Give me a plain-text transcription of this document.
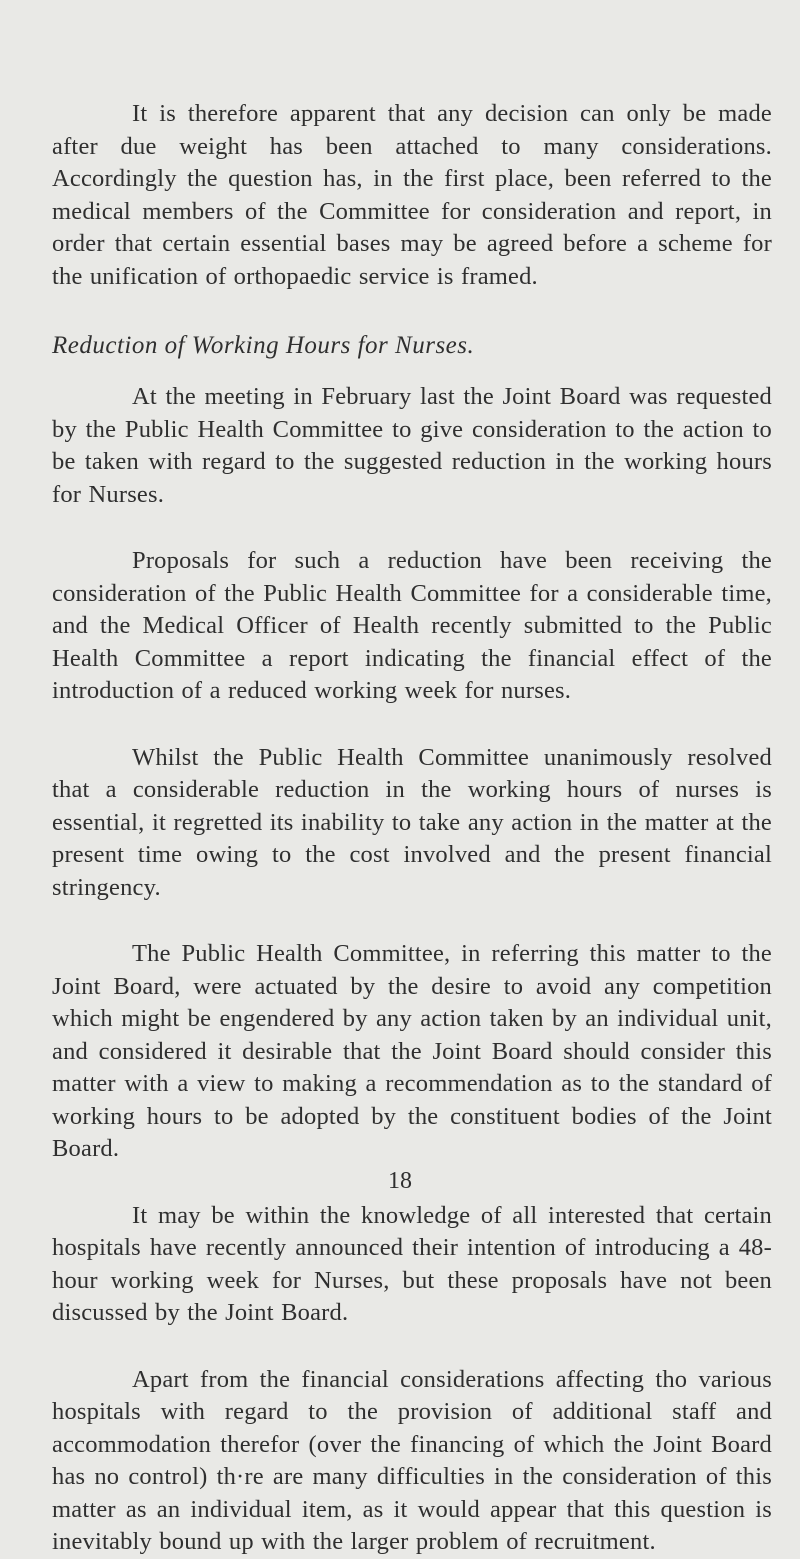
It is therefore apparent that any decision can only be made after due weight has been attached to many considerations. Accordingly the question has, in the first place, been referred to the medical members of the Committee for consideration and report, in order that certain essential bases may be agreed before a scheme for the unification of orthopaedic service is framed.

Reduction of Working Hours for Nurses.

At the meeting in February last the Joint Board was requested by the Public Health Committee to give consideration to the action to be taken with regard to the suggested reduction in the working hours for Nurses.

Proposals for such a reduction have been receiving the consideration of the Public Health Committee for a considerable time, and the Medical Officer of Health recently submitted to the Public Health Committee a report indicating the financial effect of the introduction of a reduced working week for nurses.

Whilst the Public Health Committee unanimously resolved that a considerable reduction in the working hours of nurses is essential, it regretted its inability to take any action in the matter at the present time owing to the cost involved and the present financial stringency.

The Public Health Committee, in referring this matter to the Joint Board, were actuated by the desire to avoid any competition which might be engendered by any action taken by an individual unit, and considered it desirable that the Joint Board should consider this matter with a view to making a recommendation as to the standard of working hours to be adopted by the constituent bodies of the Joint Board.

It may be within the knowledge of all interested that certain hospitals have recently announced their intention of introducing a 48-hour working week for Nurses, but these proposals have not been discussed by the Joint Board.

Apart from the financial considerations affecting tho various hospitals with regard to the provision of additional staff and accommodation therefor (over the financing of which the Joint Board has no control) th·re are many difficulties in the consideration of this matter as an individual item, as it would appear that this question is inevitably bound up with the larger problem of recruitment.

18
